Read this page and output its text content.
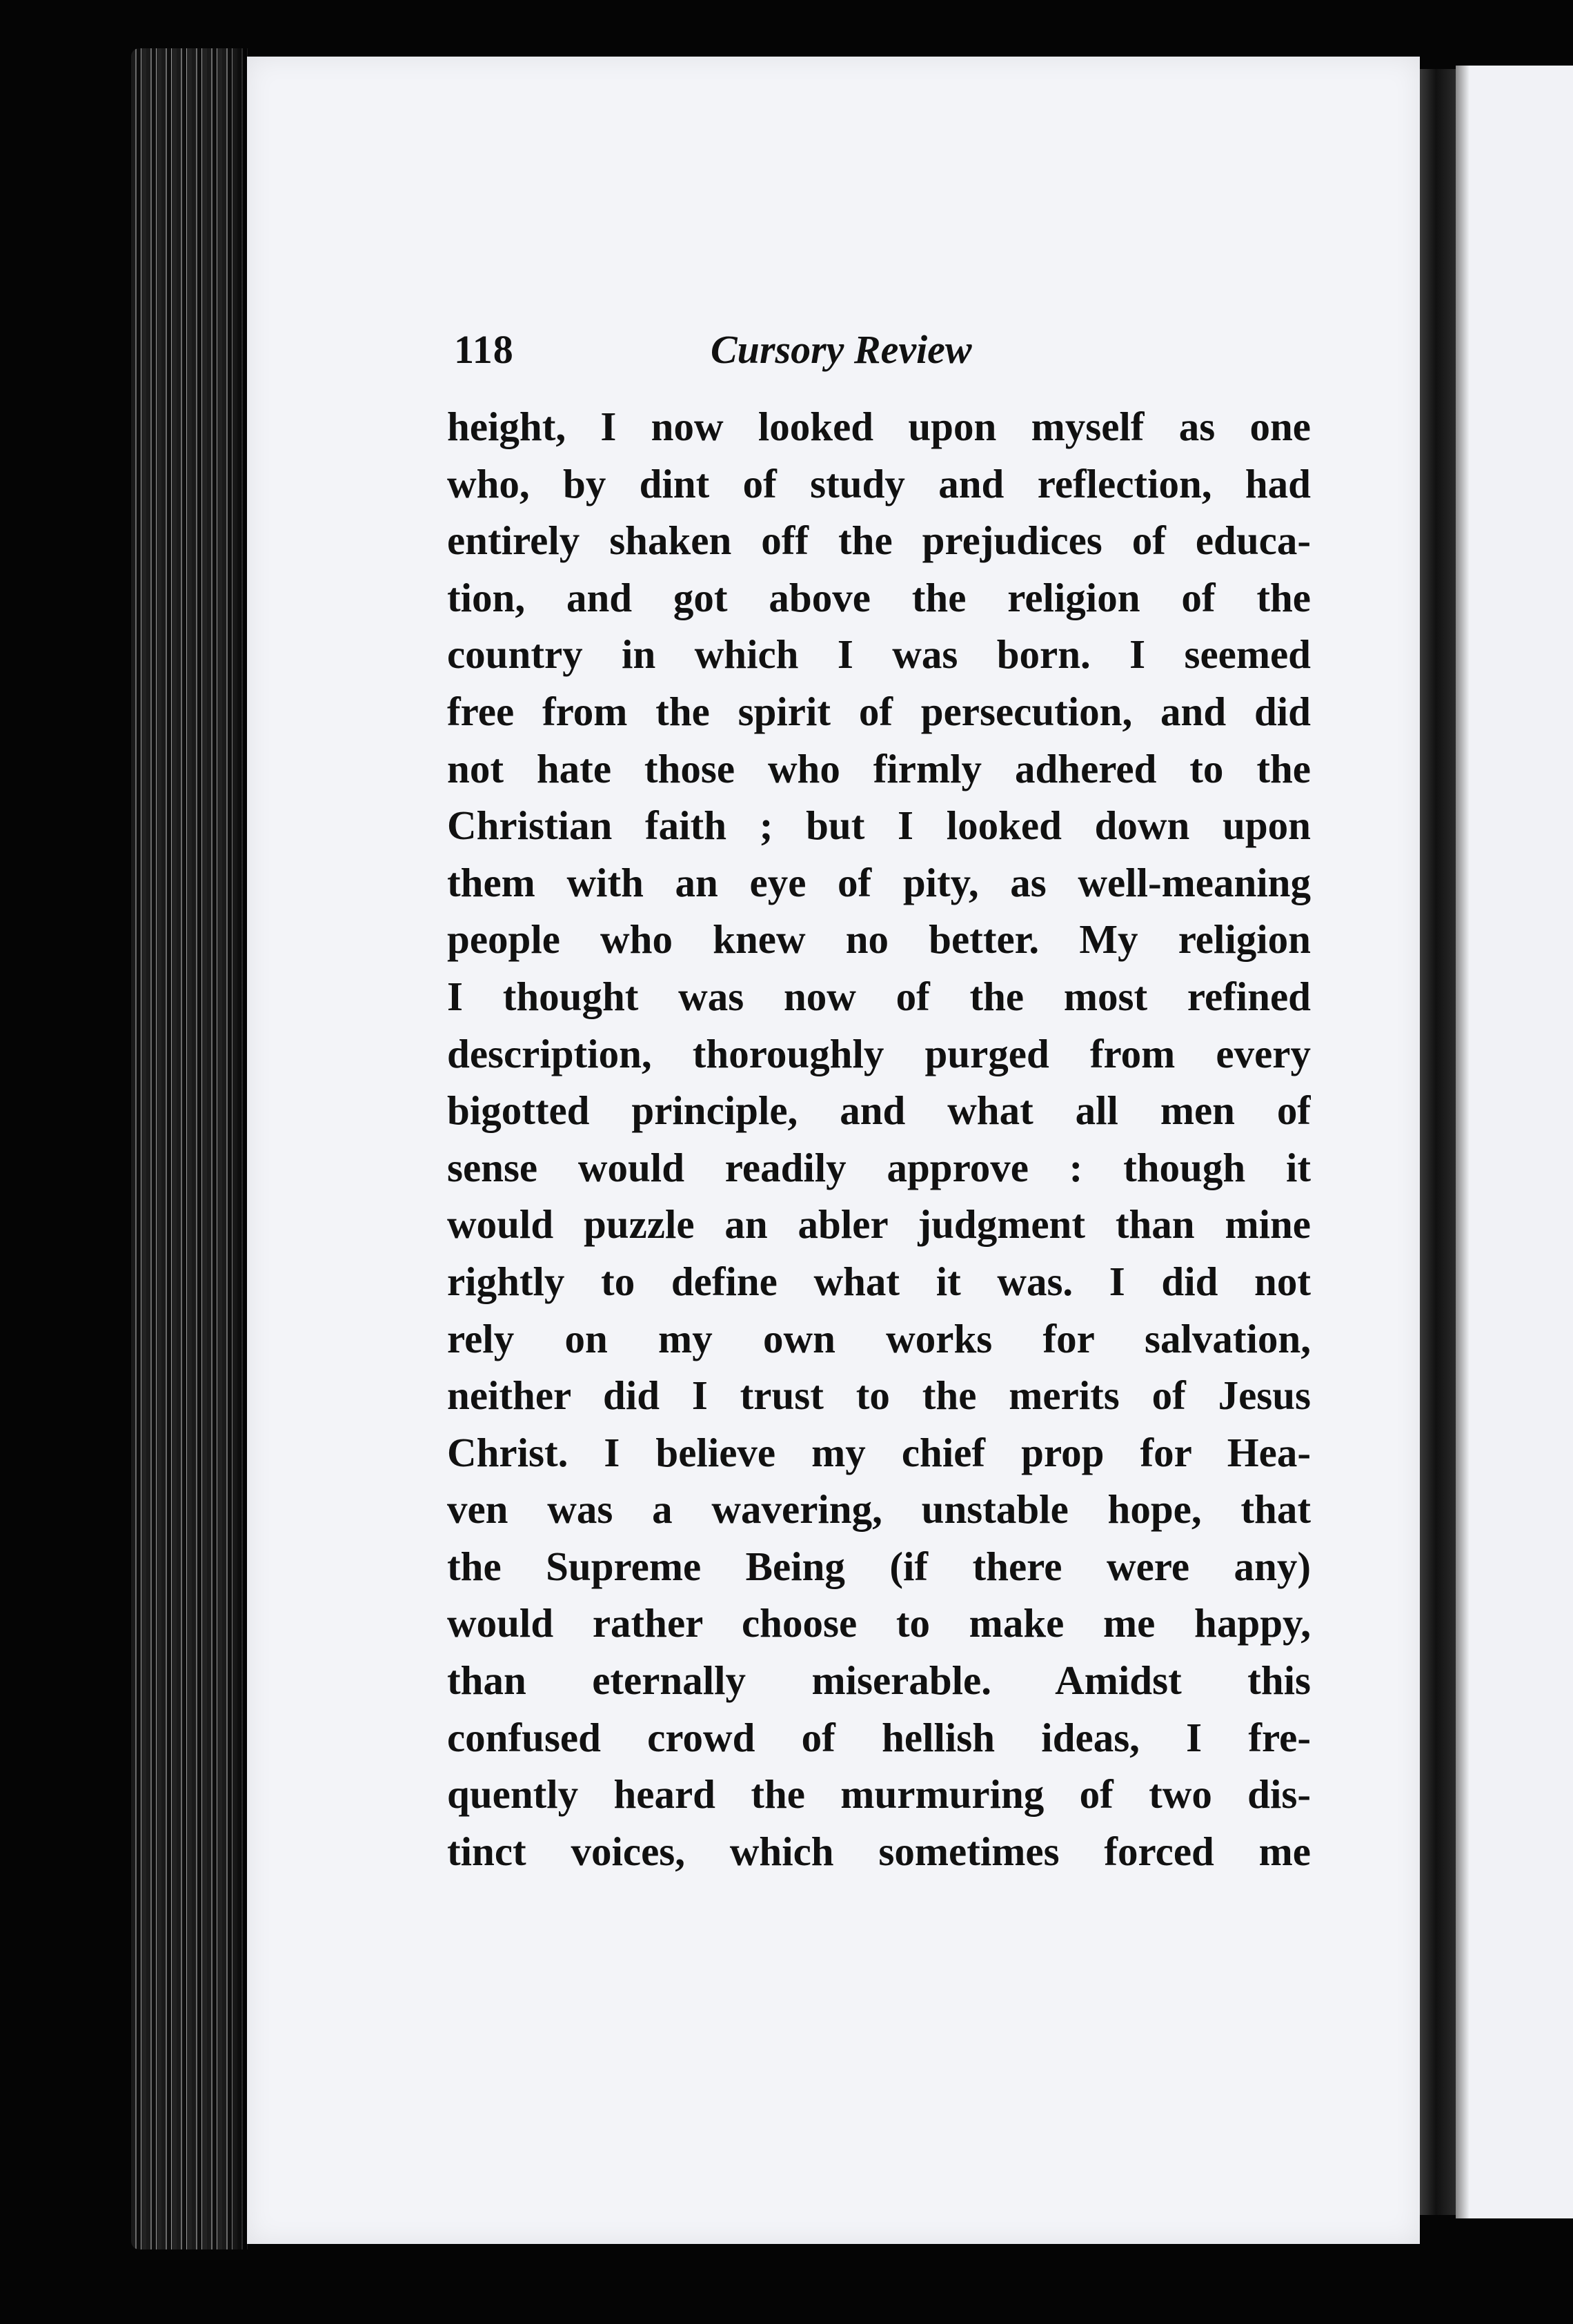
118	Cursory Review
height, I now looked upon myself as one
who, by dint of study and reflection, had
entirely shaken off the prejudices of educa-
tion, and got above the religion of the
country in which I was born. I seemed
free from the spirit of persecution, and did
not hate those who firmly adhered to the
Christian faith ; but I looked down upon
them with an eye of pity, as well-meaning
people who knew no better. My religion
I thought was now of the most refined
description, thoroughly purged from every
bigotted principle, and what all men of
sense would readily approve : though it
would puzzle an abler judgment than mine
rightly to define what it was. I did not
rely on my own works for salvation,
neither did I trust to the merits of Jesus
Christ. I believe my chief prop for Hea-
ven was a wavering, unstable hope, that
the Supreme Being (if there were any)
would rather choose to make me happy,
than eternally miserable. Amidst this
confused crowd of hellish ideas, I fre-
quently heard the murmuring of two dis-
tinct voices, which sometimes forced me
